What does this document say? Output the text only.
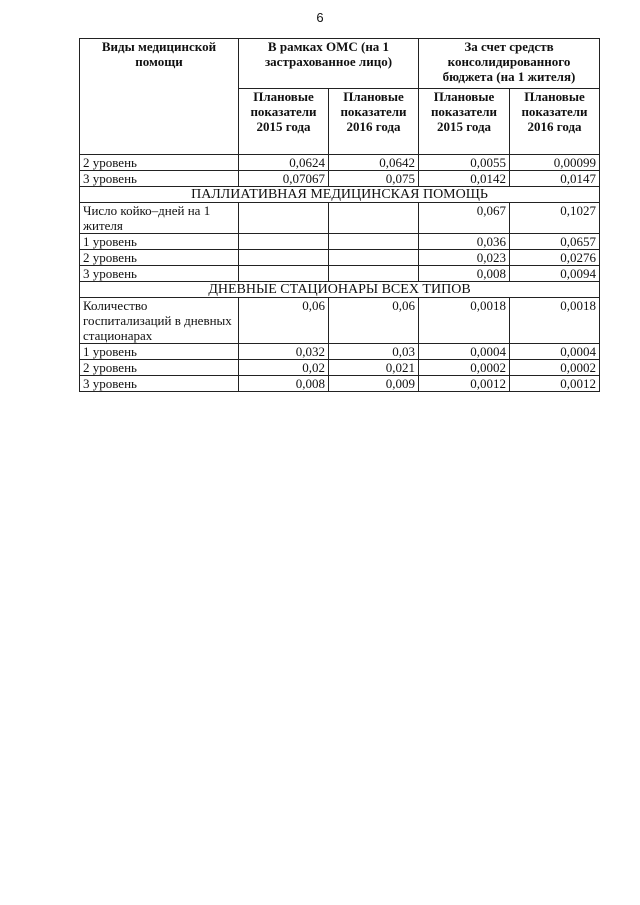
6
Виды медицинской помощи	В рамках ОМС (на 1 застрахованное лицо)		За счет средств консолидированного бюджета (на 1 жителя)	
	Плановые показатели 2015 года	Плановые показатели 2016 года	Плановые показатели 2015 года	Плановые показатели 2016 года
2 уровень	0,0624	0,0642	0,0055	0,00099
3 уровень	0,07067	0,075	0,0142	0,0147
ПАЛЛИАТИВНАЯ МЕДИЦИНСКАЯ ПОМОЩЬ				
Число койко–дней на 1 жителя			0,067	0,1027
1 уровень			0,036	0,0657
2 уровень			0,023	0,0276
3 уровень			0,008	0,0094
ДНЕВНЫЕ СТАЦИОНАРЫ ВСЕХ ТИПОВ				
Количество госпитализаций в дневных стационарах	0,06	0,06	0,0018	0,0018
1 уровень	0,032	0,03	0,0004	0,0004
2 уровень	0,02	0,021	0,0002	0,0002
3 уровень	0,008	0,009	0,0012	0,0012
